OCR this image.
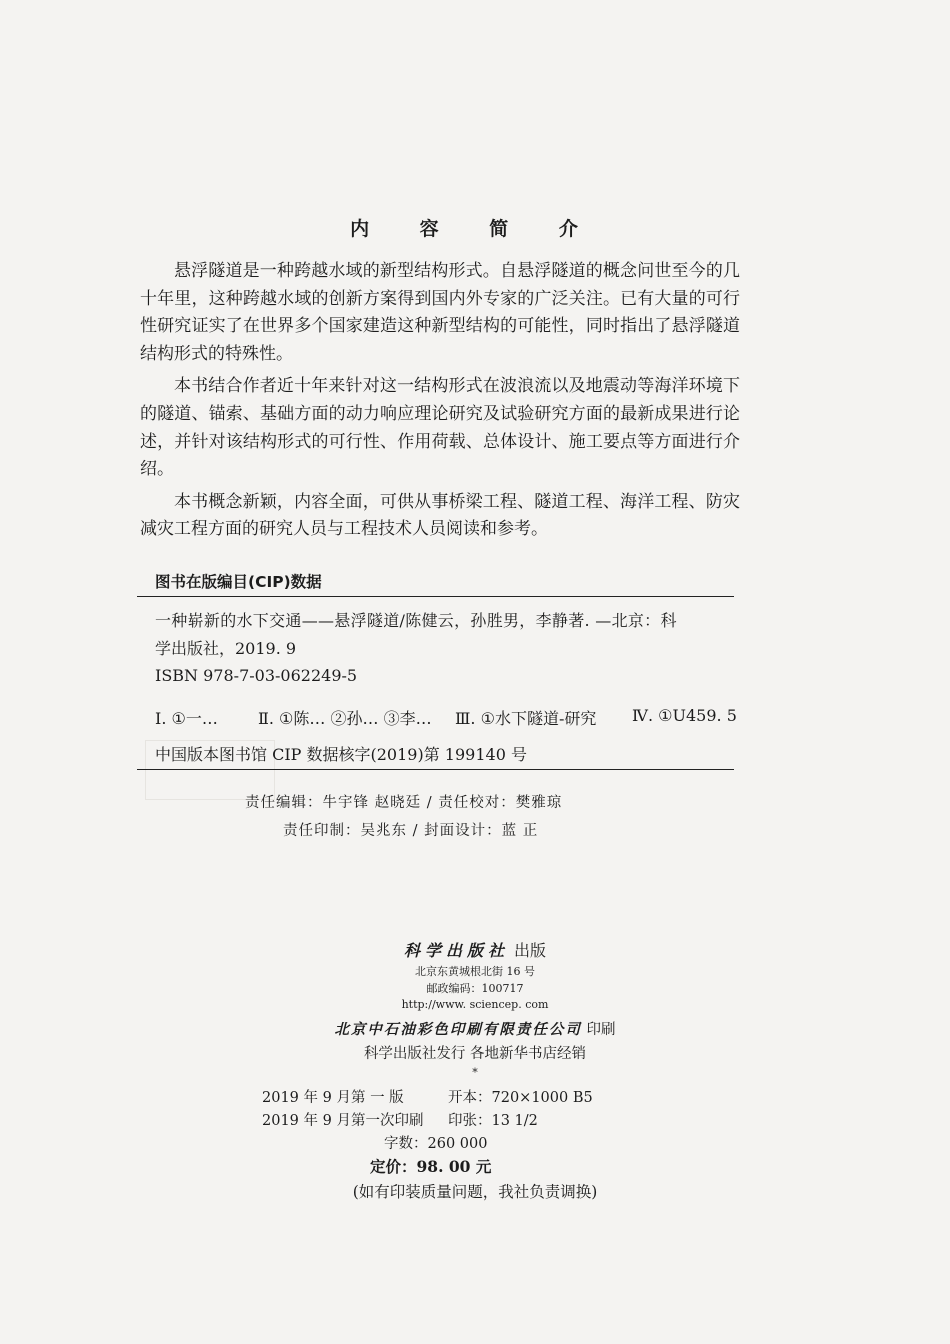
内 容 简 介

悬浮隧道是一种跨越水域的新型结构形式。自悬浮隧道的概念问世至今的几十年里，这种跨越水域的创新方案得到国内外专家的广泛关注。已有大量的可行性研究证实了在世界多个国家建造这种新型结构的可能性，同时指出了悬浮隧道结构形式的特殊性。

本书结合作者近十年来针对这一结构形式在波浪流以及地震动等海洋环境下的隧道、锚索、基础方面的动力响应理论研究及试验研究方面的最新成果进行论述，并针对该结构形式的可行性、作用荷载、总体设计、施工要点等方面进行介绍。

本书概念新颖，内容全面，可供从事桥梁工程、隧道工程、海洋工程、防灾减灾工程方面的研究人员与工程技术人员阅读和参考。

图书在版编目(CIP)数据
一种崭新的水下交通——悬浮隧道/陈健云，孙胜男，李静著. —北京：科
学出版社，2019. 9
ISBN 978-7-03-062249-5
Ⅰ. ①一…	Ⅱ. ①陈… ②孙… ③李… Ⅲ. ①水下隧道-研究 Ⅳ. ①U459. 5
中国版本图书馆 CIP 数据核字(2019)第 199140 号
责任编辑：牛宇锋 赵晓廷 / 责任校对：樊雅琼
责任印制：吴兆东 / 封面设计：蓝 正
科学出版社 出版
北京东黄城根北街 16 号
邮政编码：100717
http://www. sciencep. com
北京中石油彩色印刷有限责任公司 印刷
科学出版社发行 各地新华书店经销
*
2019 年 9 月第 一 版	开本：720×1000 B5
2019 年 9 月第一次印刷 印张：13 1/2
字数：260 000
定价：98. 00 元
(如有印装质量问题，我社负责调换)
